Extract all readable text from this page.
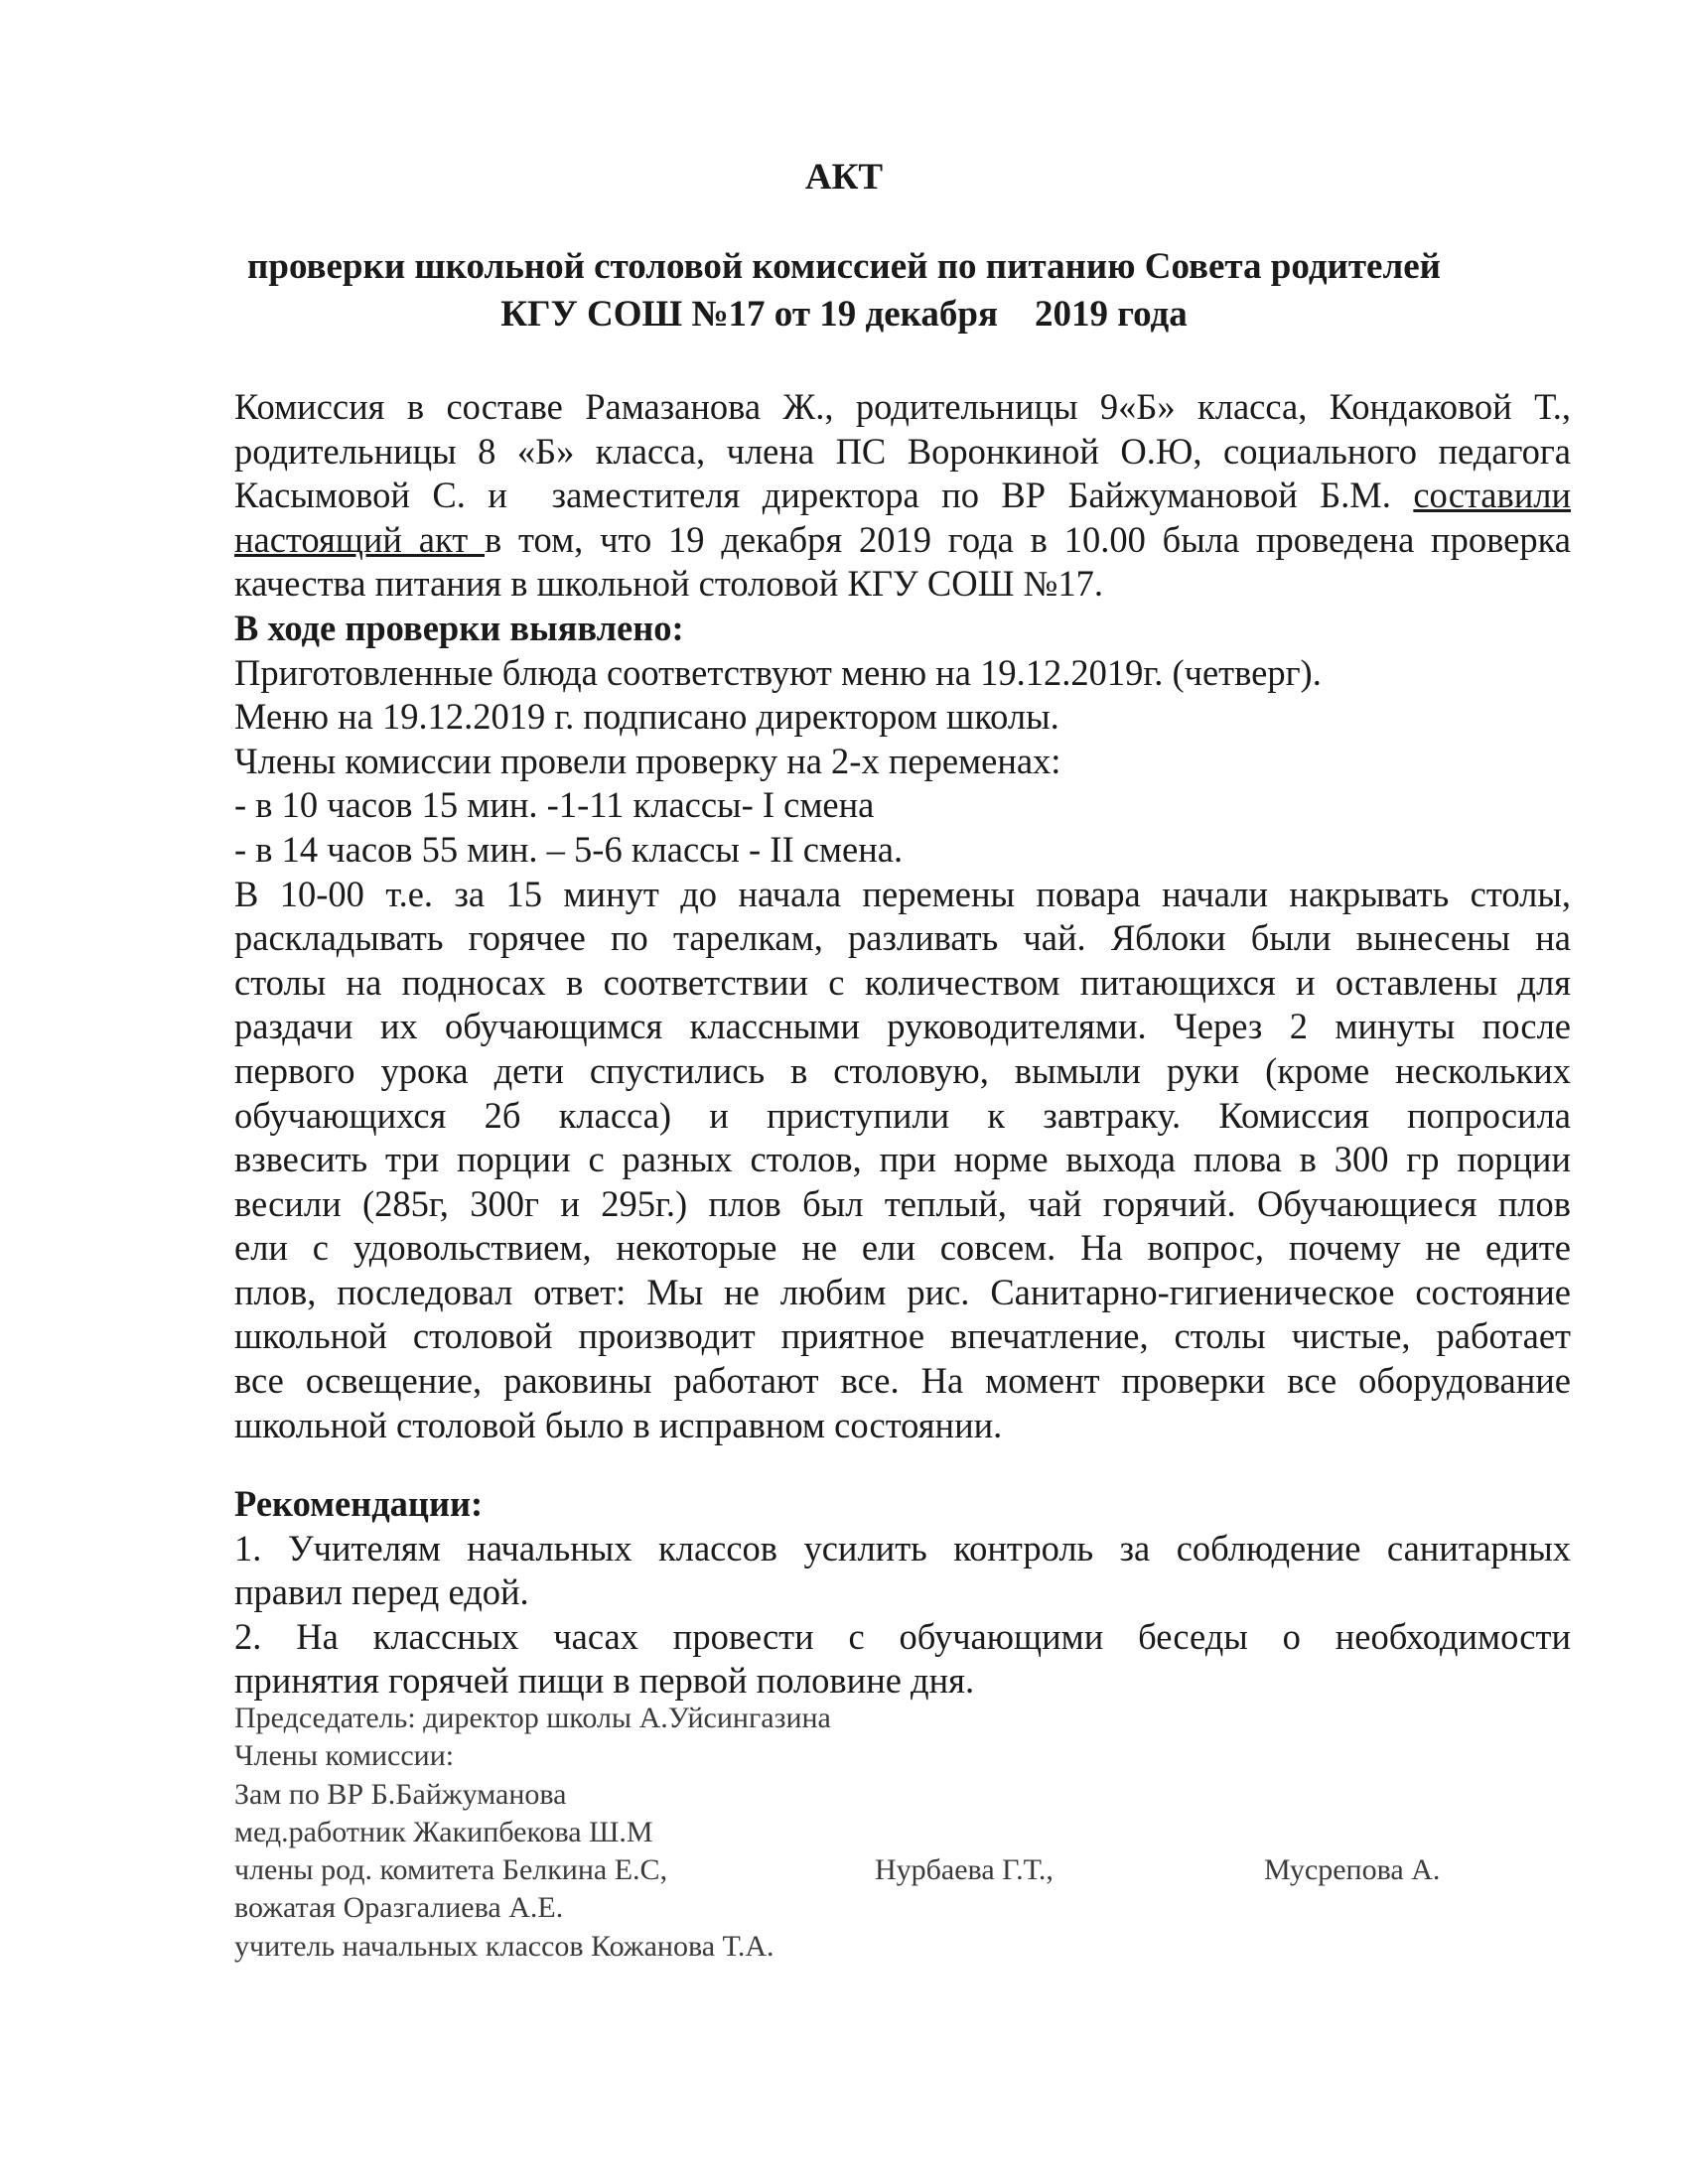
АКТ
проверки школьной столовой комиссией по питанию Совета родителей
КГУ СОШ №17 от 19 декабря    2019 года
Комиссия в составе Рамазанова Ж., родительницы 9«Б» класса, Кондаковой Т.,
родительницы 8 «Б» класса, члена ПС Воронкиной О.Ю, социального педагога
Касымовой С. и  заместителя директора по ВР Байжумановой Б.М. составили
настоящий акт в том, что 19 декабря 2019 года в 10.00 была проведена проверка
качества питания в школьной столовой КГУ СОШ №17.
В ходе проверки выявлено:
Приготовленные блюда соответствуют меню на 19.12.2019г. (четверг).
Меню на 19.12.2019 г. подписано директором школы.
Члены комиссии провели проверку на 2-х переменах:
- в 10 часов 15 мин. -1-11 классы- I смена
- в 14 часов 55 мин. – 5-6 классы - II смена.
В 10-00 т.е. за 15 минут до начала перемены повара начали накрывать столы,
раскладывать горячее по тарелкам, разливать чай. Яблоки были вынесены на
столы на подносах в соответствии с количеством питающихся и оставлены для
раздачи их обучающимся классными руководителями. Через 2 минуты после
первого урока дети спустились в столовую, вымыли руки (кроме нескольких
обучающихся 2б класса) и приступили к завтраку. Комиссия попросила
взвесить три порции с разных столов, при норме выхода плова в 300 гр порции
весили (285г, 300г и 295г.) плов был теплый, чай горячий. Обучающиеся плов
ели с удовольствием, некоторые не ели совсем. На вопрос, почему не едите
плов, последовал ответ: Мы не любим рис. Санитарно-гигиеническое состояние
школьной столовой производит приятное впечатление, столы чистые, работает
все освещение, раковины работают все. На момент проверки все оборудование
школьной столовой было в исправном состоянии.
Рекомендации:
1. Учителям начальных классов усилить контроль за соблюдение санитарных
правил перед едой.
2. На классных часах провести с обучающими беседы о необходимости
принятия горячей пищи в первой половине дня.
Председатель: директор школы А.Уйсингазина
Члены комиссии:
Зам по ВР Б.Байжуманова
мед.работник Жакипбекова Ш.М
члены род. комитета Белкина Е.С,	Нурбаева Г.Т.,	Мусрепова А.
вожатая Оразгалиева А.Е.
учитель начальных классов Кожанова Т.А.
